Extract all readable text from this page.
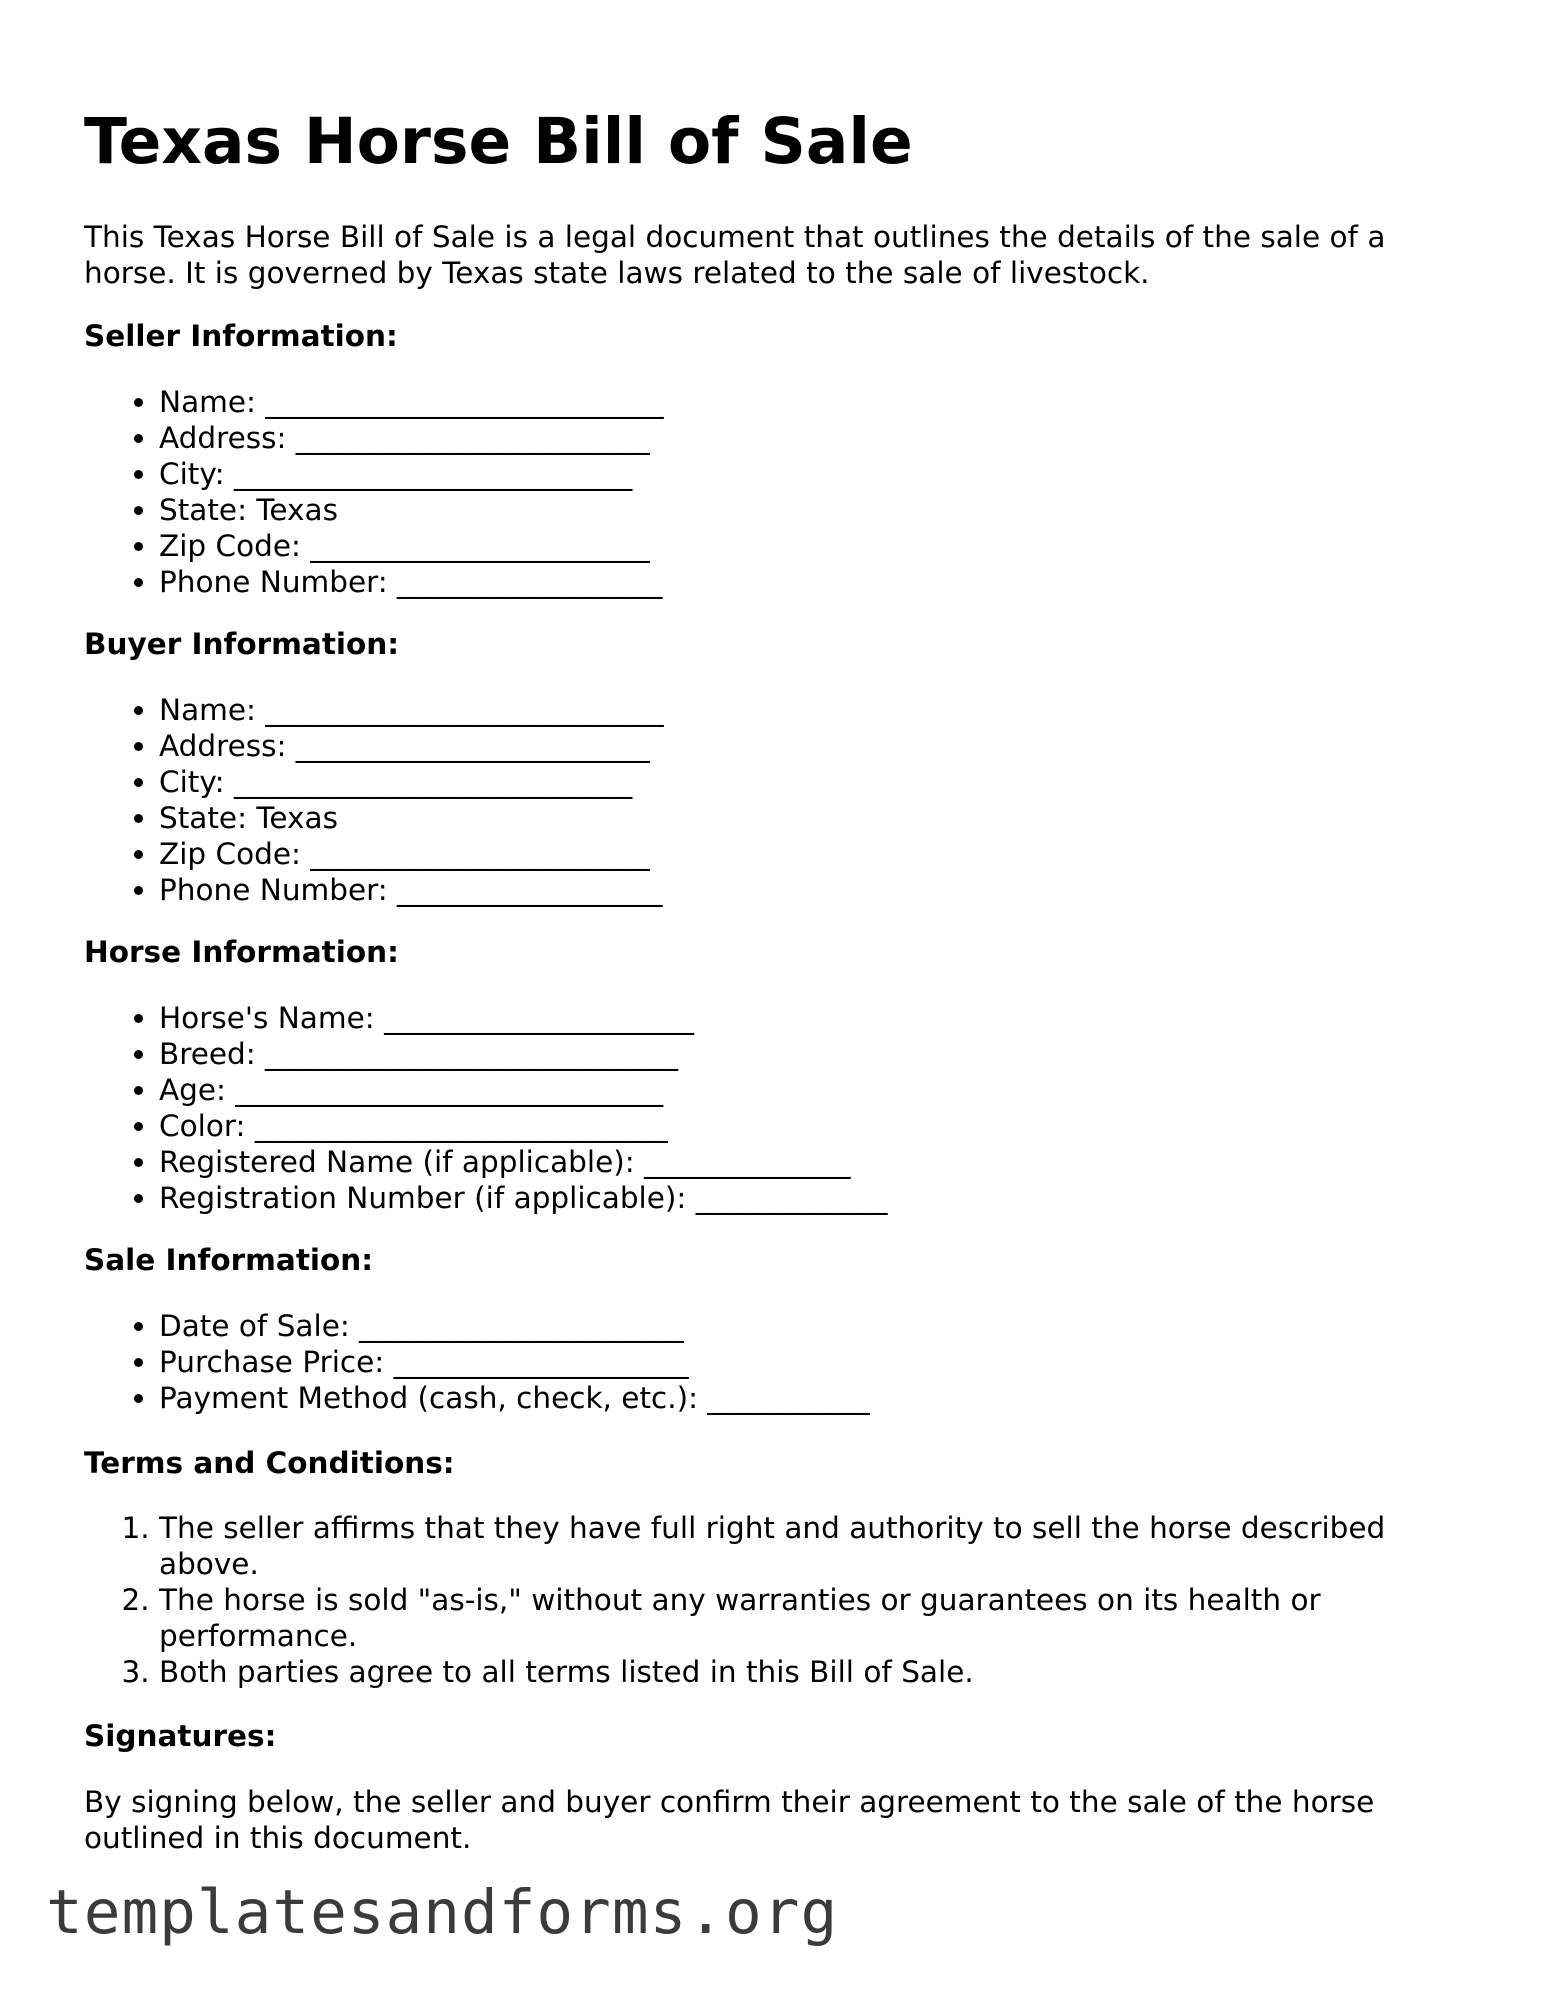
Texas Horse Bill of Sale

This Texas Horse Bill of Sale is a legal document that outlines the details of the sale of a horse. It is governed by Texas state laws related to the sale of livestock.

Seller Information:
• Name: ___________________________
• Address: ________________________
• City: ___________________________
• State: Texas
• Zip Code: _______________________
• Phone Number: __________________
Buyer Information:
• Name: ___________________________
• Address: ________________________
• City: ___________________________
• State: Texas
• Zip Code: _______________________
• Phone Number: __________________
Horse Information:
• Horse's Name: _____________________
• Breed: ____________________________
• Age: _____________________________
• Color: ____________________________
• Registered Name (if applicable): ______________
• Registration Number (if applicable): _____________
Sale Information:
• Date of Sale: ______________________
• Purchase Price: ____________________
• Payment Method (cash, check, etc.): ___________
Terms and Conditions:
1. The seller affirms that they have full right and authority to sell the horse described above.
2. The horse is sold "as-is," without any warranties or guarantees on its health or performance.
3. Both parties agree to all terms listed in this Bill of Sale.
Signatures:

By signing below, the seller and buyer confirm their agreement to the sale of the horse outlined in this document.

templatesandforms.org
